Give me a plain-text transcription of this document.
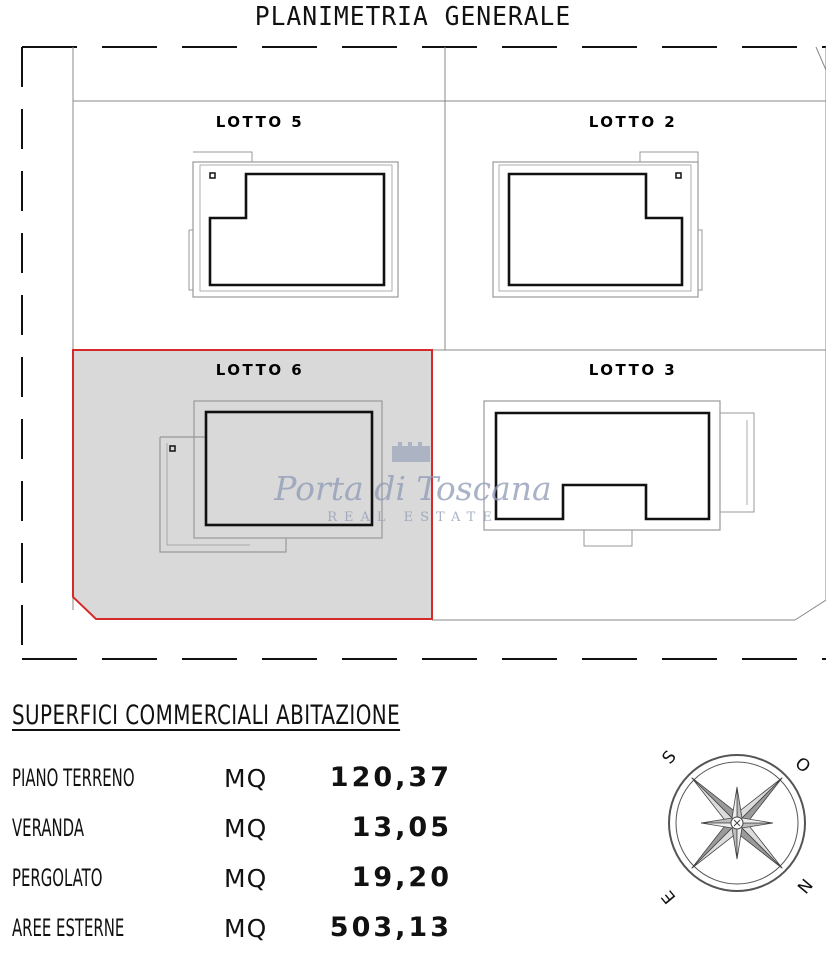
PLANIMETRIA GENERALE
LOTTO 5	LOTTO 2
LOTTO 6	LOTTO 3
Porta di Toscana
REAL ESTATE
SUPERFICI COMMERCIALI ABITAZIONE
PIANO TERRENO	MQ 120,37
VERANDA	MQ	13,05
PERGOLATO	MQ	19,20
AREE ESTERNE	MQ 503,13
S	O
E
N
